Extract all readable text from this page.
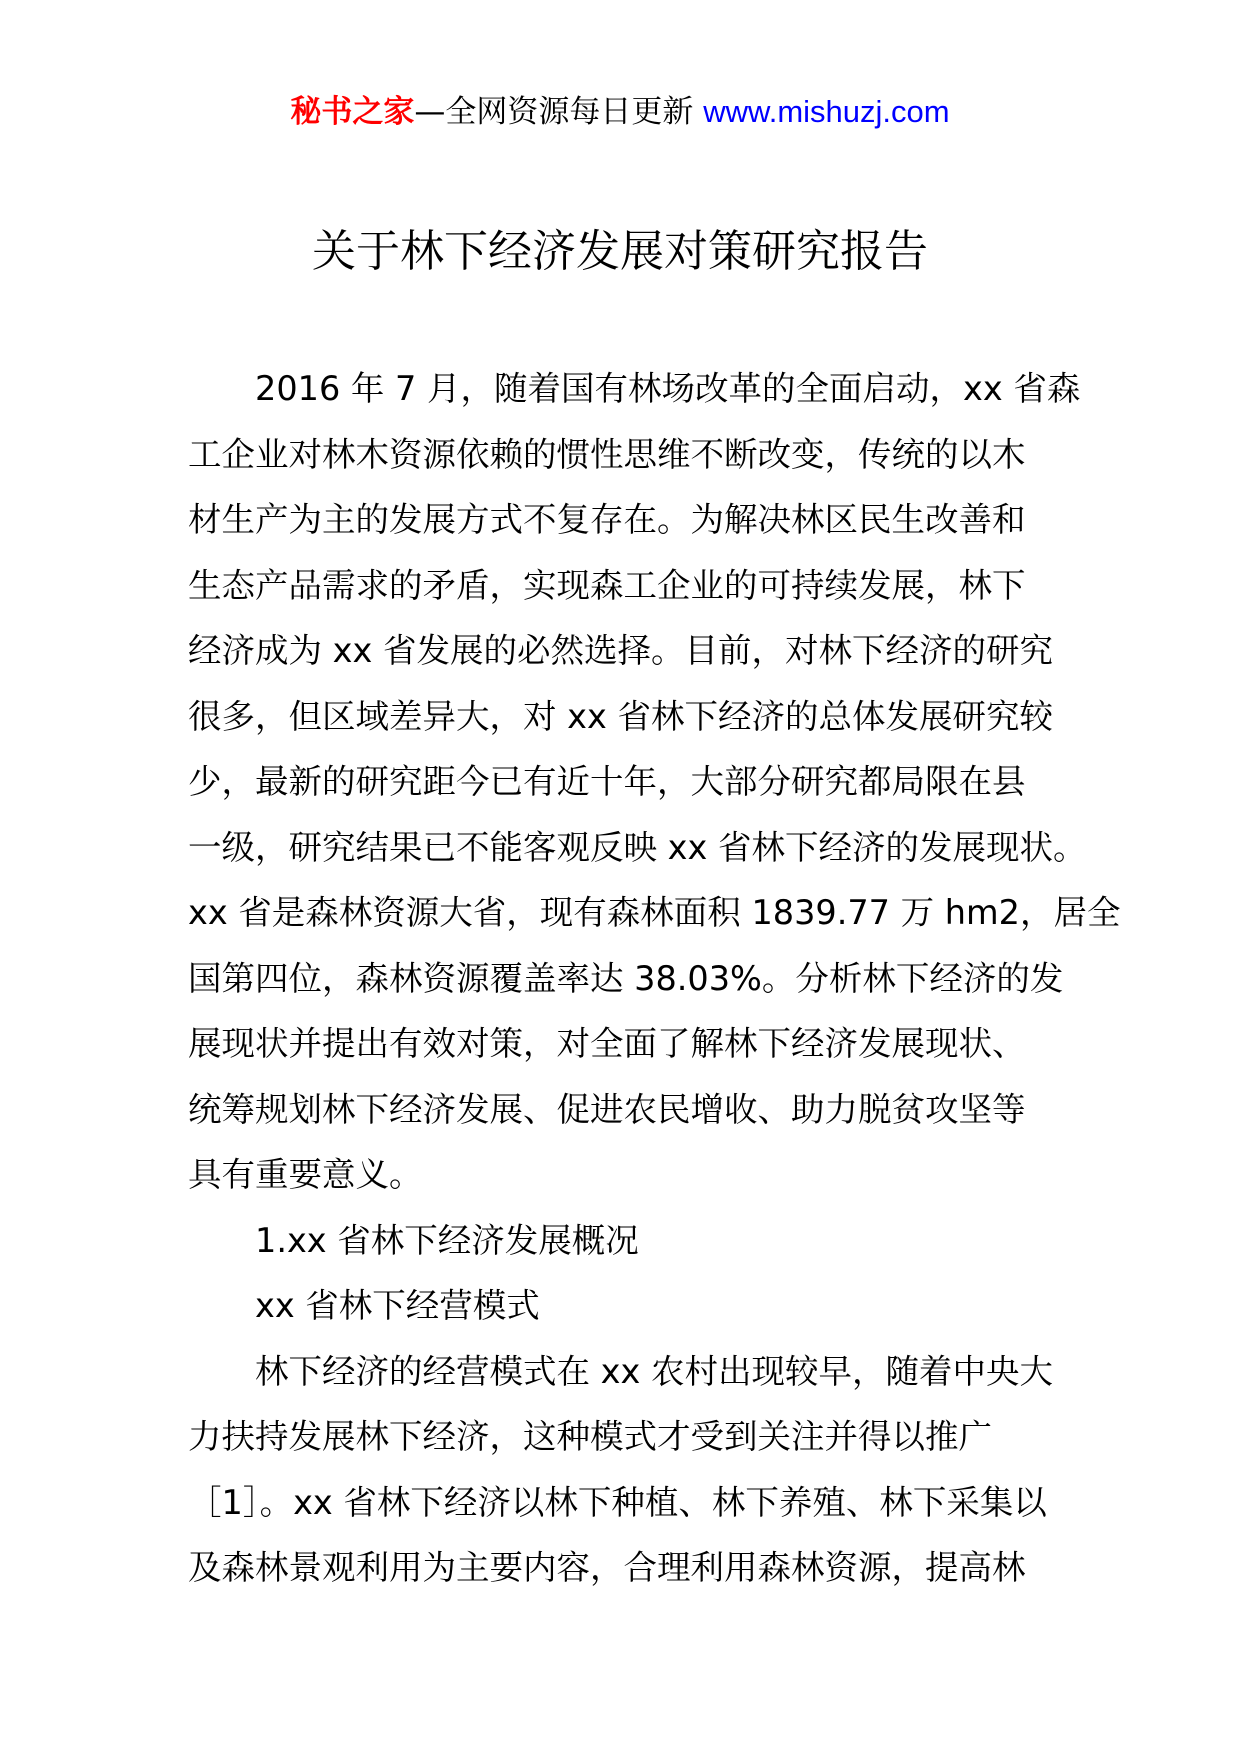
秘书之家—全网资源每日更新 www.mishuzj.com
关于林下经济发展对策研究报告
2016 年 7 月，随着国有林场改革的全面启动，xx 省森
工企业对林木资源依赖的惯性思维不断改变，传统的以木
材生产为主的发展方式不复存在。为解决林区民生改善和
生态产品需求的矛盾，实现森工企业的可持续发展，林下
经济成为 xx 省发展的必然选择。目前，对林下经济的研究
很多，但区域差异大，对 xx 省林下经济的总体发展研究较
少，最新的研究距今已有近十年，大部分研究都局限在县
一级，研究结果已不能客观反映 xx 省林下经济的发展现状。
xx 省是森林资源大省，现有森林面积 1839.77 万 hm2，居全
国第四位，森林资源覆盖率达 38.03%。分析林下经济的发
展现状并提出有效对策，对全面了解林下经济发展现状、
统筹规划林下经济发展、促进农民增收、助力脱贫攻坚等
具有重要意义。
1.xx 省林下经济发展概况
xx 省林下经营模式
林下经济的经营模式在 xx 农村出现较早，随着中央大
力扶持发展林下经济，这种模式才受到关注并得以推广
［1］。xx 省林下经济以林下种植、林下养殖、林下采集以
及森林景观利用为主要内容，合理利用森林资源，提高林
